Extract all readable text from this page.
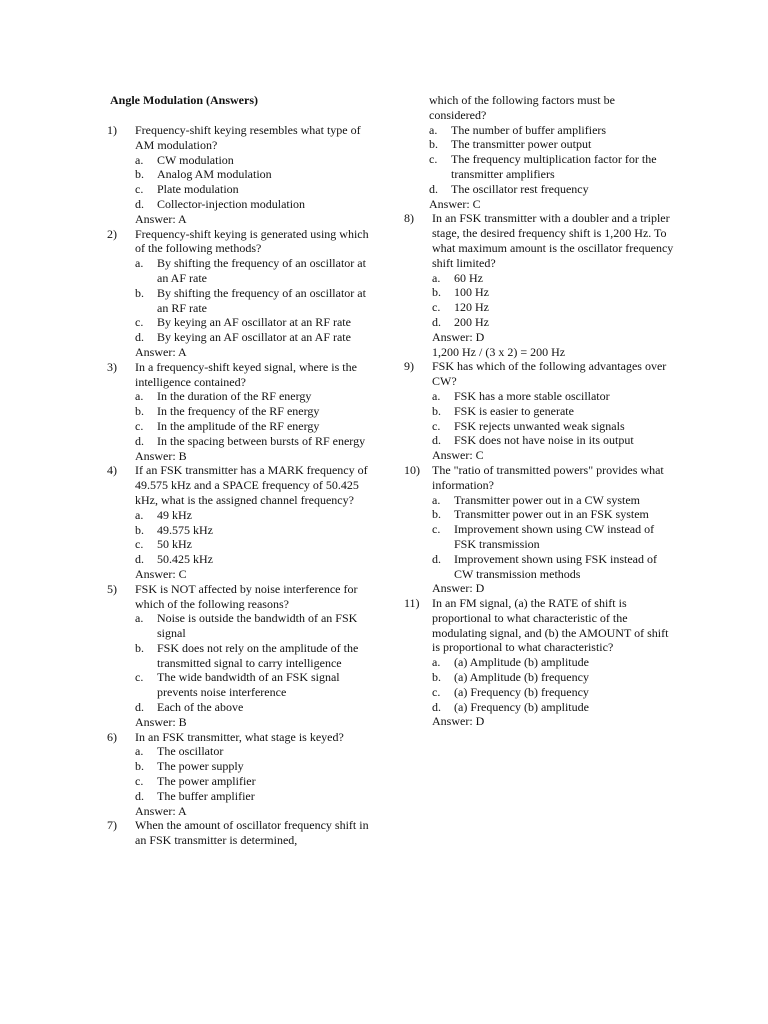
Angle Modulation (Answers)
1) Frequency-shift keying resembles what type of AM modulation?
a. CW modulation
b. Analog AM modulation
c. Plate modulation
d. Collector-injection modulation
Answer: A
2) Frequency-shift keying is generated using which of the following methods?
a. By shifting the frequency of an oscillator at an AF rate
b. By shifting the frequency of an oscillator at an RF rate
c. By keying an AF oscillator at an RF rate
d. By keying an AF oscillator at an AF rate
Answer: A
3) In a frequency-shift keyed signal, where is the intelligence contained?
a. In the duration of the RF energy
b. In the frequency of the RF energy
c. In the amplitude of the RF energy
d. In the spacing between bursts of RF energy
Answer: B
4) If an FSK transmitter has a MARK frequency of 49.575 kHz and a SPACE frequency of 50.425 kHz, what is the assigned channel frequency?
a. 49 kHz
b. 49.575 kHz
c. 50 kHz
d. 50.425 kHz
Answer: C
5) FSK is NOT affected by noise interference for which of the following reasons?
a. Noise is outside the bandwidth of an FSK signal
b. FSK does not rely on the amplitude of the transmitted signal to carry intelligence
c. The wide bandwidth of an FSK signal prevents noise interference
d. Each of the above
Answer: B
6) In an FSK transmitter, what stage is keyed?
a. The oscillator
b. The power supply
c. The power amplifier
d. The buffer amplifier
Answer: A
7) When the amount of oscillator frequency shift in an FSK transmitter is determined,
which of the following factors must be considered?
a. The number of buffer amplifiers
b. The transmitter power output
c. The frequency multiplication factor for the transmitter amplifiers
d. The oscillator rest frequency
Answer: C
8) In an FSK transmitter with a doubler and a tripler stage, the desired frequency shift is 1,200 Hz. To what maximum amount is the oscillator frequency shift limited?
a. 60 Hz
b. 100 Hz
c. 120 Hz
d. 200 Hz
Answer: D
1,200 Hz / (3 x 2) = 200 Hz
9) FSK has which of the following advantages over CW?
a. FSK has a more stable oscillator
b. FSK is easier to generate
c. FSK rejects unwanted weak signals
d. FSK does not have noise in its output
Answer: C
10) The "ratio of transmitted powers" provides what information?
a. Transmitter power out in a CW system
b. Transmitter power out in an FSK system
c. Improvement shown using CW instead of FSK transmission
d. Improvement shown using FSK instead of CW transmission methods
Answer: D
11) In an FM signal, (a) the RATE of shift is proportional to what characteristic of the modulating signal, and (b) the AMOUNT of shift is proportional to what characteristic?
a. (a) Amplitude (b) amplitude
b. (a) Amplitude (b) frequency
c. (a) Frequency (b) frequency
d. (a) Frequency (b) amplitude
Answer: D
